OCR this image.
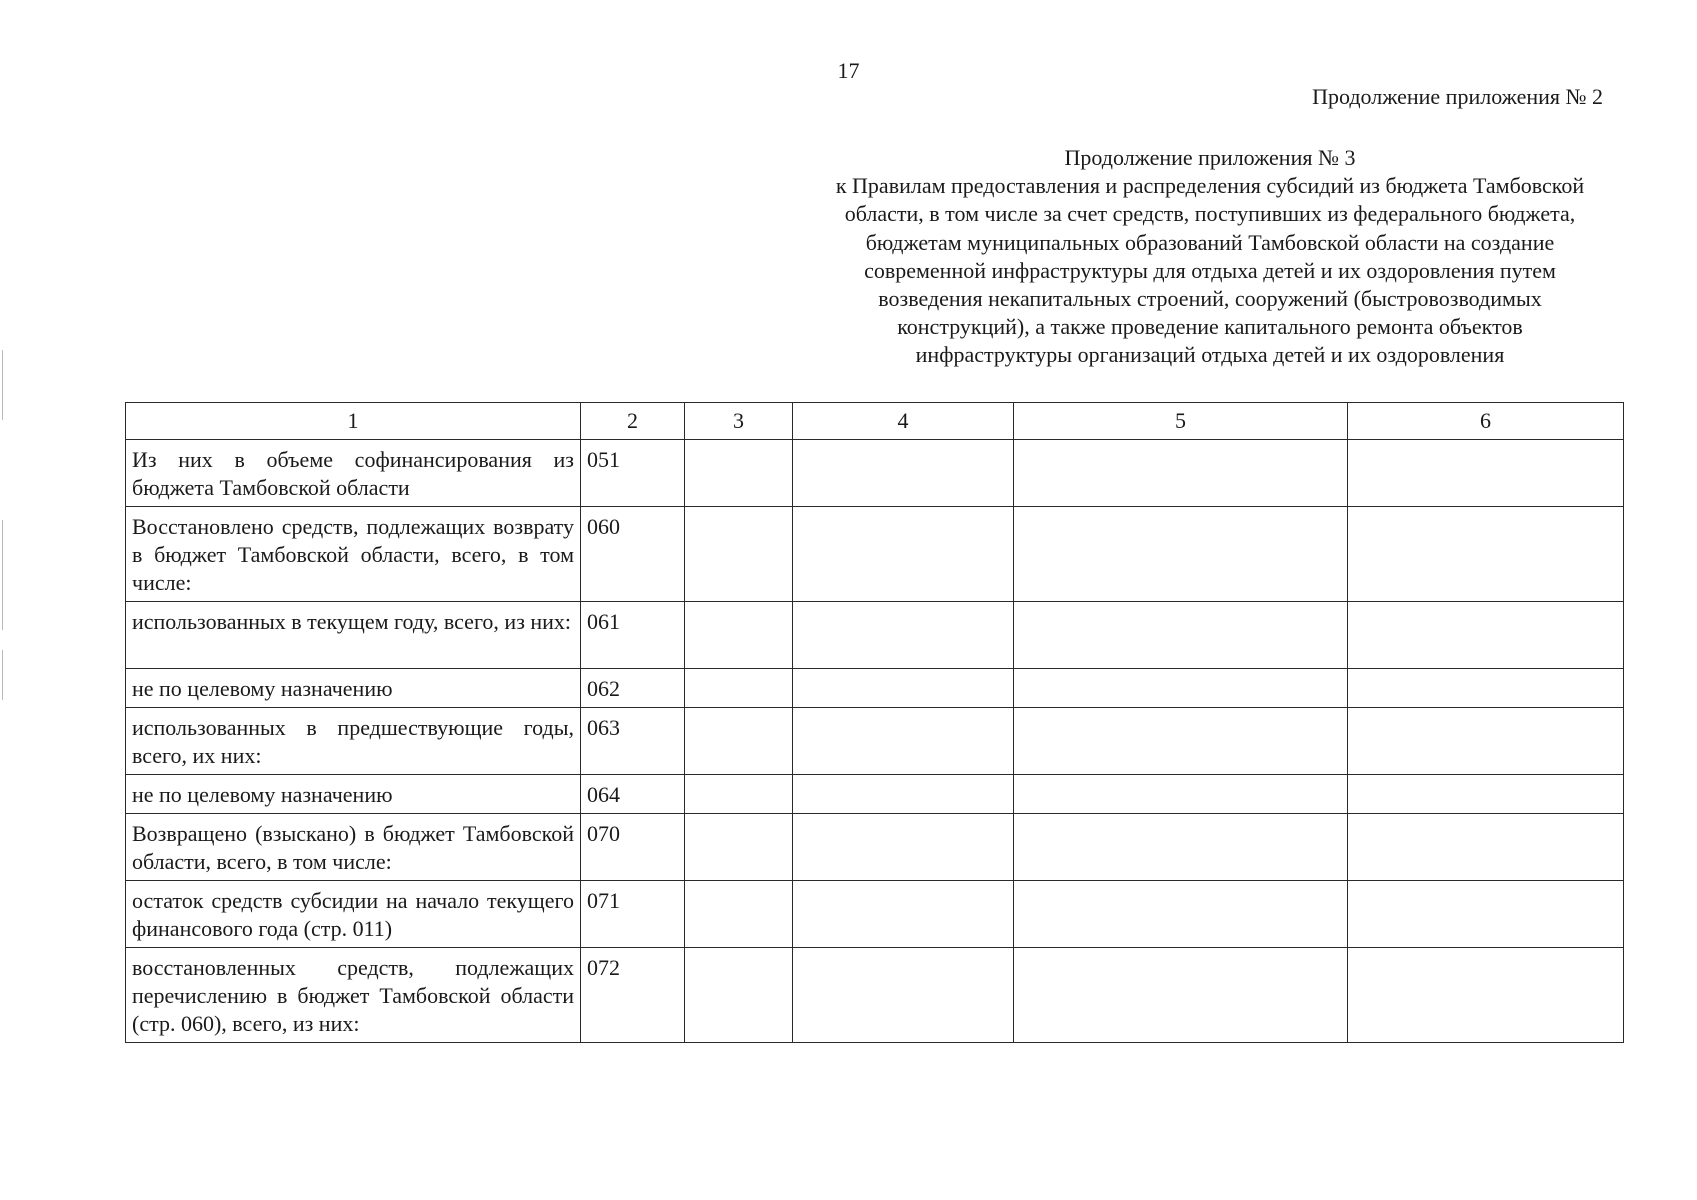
17
Продолжение приложения № 2
Продолжение приложения № 3
к Правилам предоставления и распределения субсидий из бюджета Тамбовской
области, в том числе за счет средств, поступивших из федерального бюджета,
бюджетам муниципальных образований Тамбовской области на создание
современной инфраструктуры для отдыха детей и их оздоровления путем
возведения некапитальных строений, сооружений (быстровозводимых
конструкций), а также проведение капитального ремонта объектов
инфраструктуры организаций отдыха детей и их оздоровления
1	2	3	4	5	6
Из них в объеме софинансирования из бюджета Тамбовской области	051				
Восстановлено средств, подлежащих возврату в бюджет Тамбовской области, всего, в том числе:	060				
использованных в текущем году, всего, из них:	061				
не по целевому назначению	062				
использованных в предшествующие годы, всего, их них:	063				
не по целевому назначению	064				
Возвращено (взыскано) в бюджет Тамбовской области, всего, в том числе:	070				
остаток средств субсидии на начало текущего финансового года (стр. 011)	071				
восстановленных средств, подлежащих перечислению в бюджет Тамбовской области (стр. 060), всего, из них:	072				
